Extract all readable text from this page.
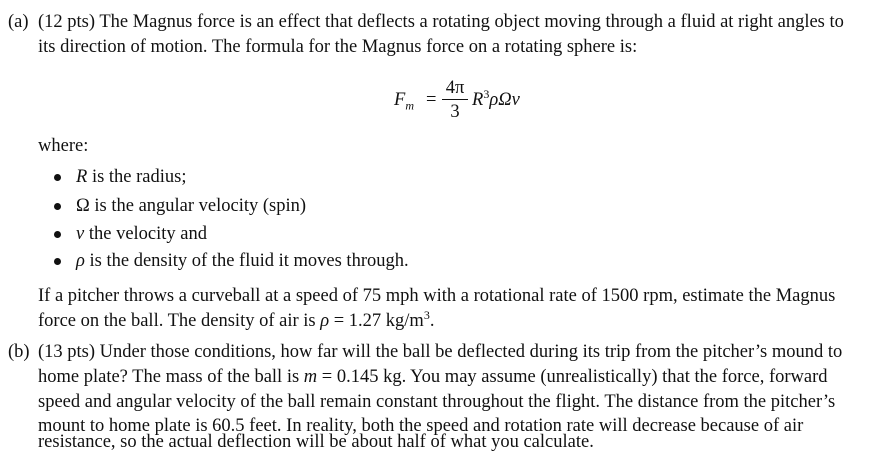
(a) (12 pts) The Magnus force is an effect that deflects a rotating object moving through a fluid at right angles to
its direction of motion. The formula for the Magnus force on a rotating sphere is:
$F_m$ =
4π
3
$R^3\rho\Omega v$
where:
R is the radius;
Ω is the angular velocity (spin)
v the velocity and
ρ is the density of the fluid it moves through.
If a pitcher throws a curveball at a speed of 75 mph with a rotational rate of 1500 rpm, estimate the Magnus
force on the ball. The density of air is ρ = 1.27 $kg/m^3$.
(b) (13 pts) Under those conditions, how far will the ball be deflected during its trip from the pitcher’s mound to
home plate? The mass of the ball is m = 0.145 kg. You may assume (unrealistically) that the force, forward
speed and angular velocity of the ball remain constant throughout the flight. The distance from the pitcher’s
mount to home plate is 60.5 feet. In reality, both the speed and rotation rate will decrease because of air
resistance, so the actual deflection will be about half of what you calculate.
